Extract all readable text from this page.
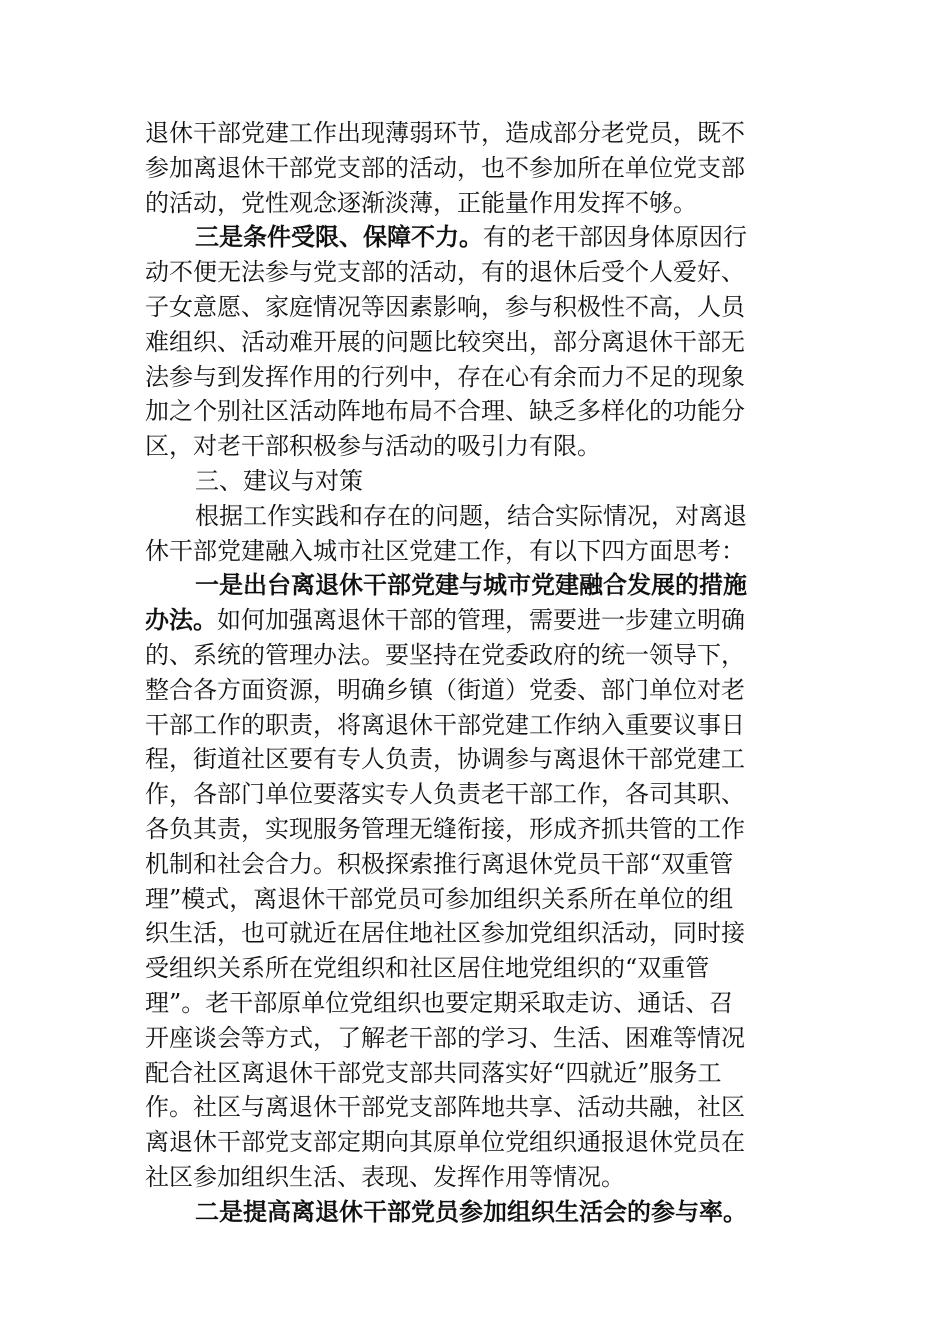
退休干部党建工作出现薄弱环节，造成部分老党员，既不
参加离退休干部党支部的活动，也不参加所在单位党支部
的活动，党性观念逐渐淡薄，正能量作用发挥不够。
三是条件受限、保障不力。有的老干部因身体原因行
动不便无法参与党支部的活动，有的退休后受个人爱好、
子女意愿、家庭情况等因素影响，参与积极性不高，人员
难组织、活动难开展的问题比较突出，部分离退休干部无
法参与到发挥作用的行列中，存在心有余而力不足的现象
加之个别社区活动阵地布局不合理、缺乏多样化的功能分
区，对老干部积极参与活动的吸引力有限。
三、建议与对策
根据工作实践和存在的问题，结合实际情况，对离退
休干部党建融入城市社区党建工作，有以下四方面思考：
一是出台离退休干部党建与城市党建融合发展的措施
办法。如何加强离退休干部的管理，需要进一步建立明确
的、系统的管理办法。要坚持在党委政府的统一领导下，
整合各方面资源，明确乡镇（街道）党委、部门单位对老
干部工作的职责，将离退休干部党建工作纳入重要议事日
程，街道社区要有专人负责，协调参与离退休干部党建工
作，各部门单位要落实专人负责老干部工作，各司其职、
各负其责，实现服务管理无缝衔接，形成齐抓共管的工作
机制和社会合力。积极探索推行离退休党员干部“双重管
理”模式，离退休干部党员可参加组织关系所在单位的组
织生活，也可就近在居住地社区参加党组织活动，同时接
受组织关系所在党组织和社区居住地党组织的“双重管
理”。老干部原单位党组织也要定期采取走访、通话、召
开座谈会等方式，了解老干部的学习、生活、困难等情况
配合社区离退休干部党支部共同落实好“四就近”服务工
作。社区与离退休干部党支部阵地共享、活动共融，社区
离退休干部党支部定期向其原单位党组织通报退休党员在
社区参加组织生活、表现、发挥作用等情况。
二是提高离退休干部党员参加组织生活会的参与率。
